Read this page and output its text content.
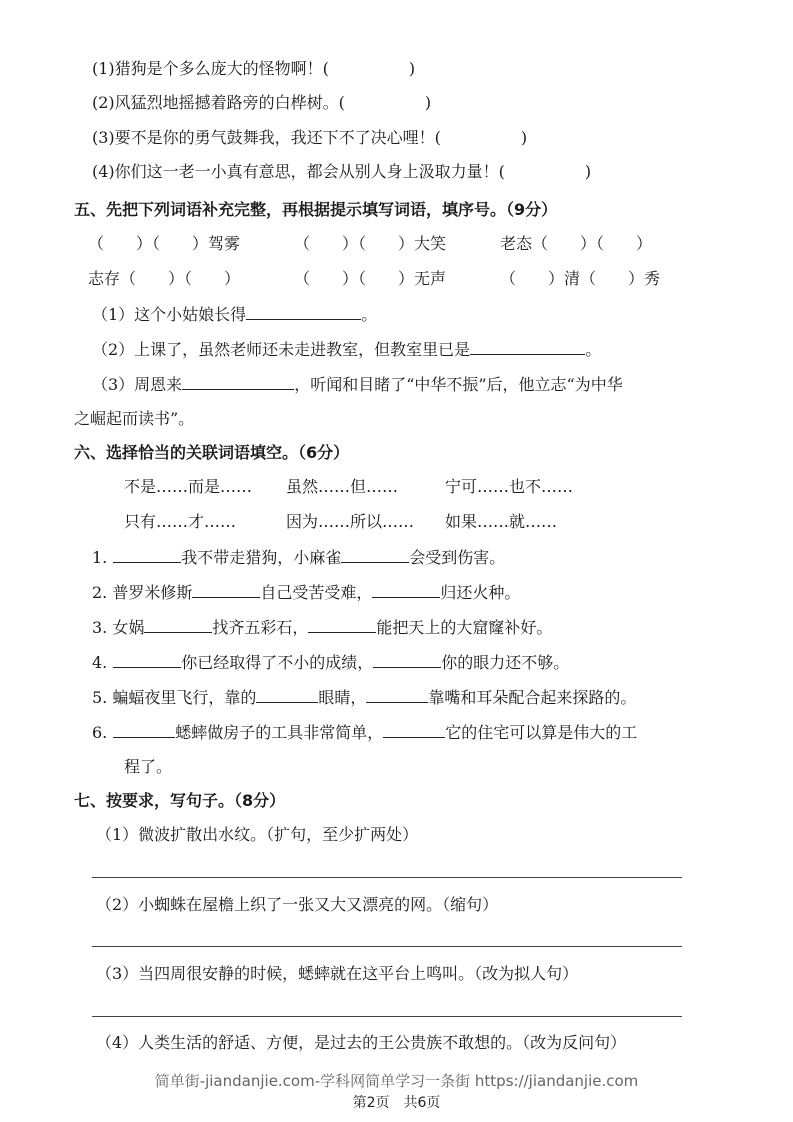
(1)猎狗是个多么庞大的怪物啊！(　　　　　)
(2)风猛烈地摇撼着路旁的白桦树。(　　　　　)
(3)要不是你的勇气鼓舞我，我还下不了决心哩！(　　　　　)
(4)你们这一老一小真有意思，都会从别人身上汲取力量！(　　　　　)
五、先把下列词语补充完整，再根据提示填写词语，填序号。（9分）
（　　）（　　）驾雾	（　　）（　　）大笑	老态（　　）（　　）
志存（　　）（　　）	（　　）（　　）无声	（　　）清（　　）秀
（1）这个小姑娘长得	。
（2）上课了，虽然老师还未走进教室，但教室里已是	。
（3）周恩来	，听闻和目睹了“中华不振”后，他立志“为中华
之崛起而读书”。
六、选择恰当的关联词语填空。（6分）
不是……而是…… 虽然……但……	宁可……也不……
只有……才……	因为……所以…… 如果……就……
1.	我不带走猎狗，小麻雀	会受到伤害。
2. 普罗米修斯	自己受苦受难，	归还火种。
3. 女娲	找齐五彩石，	能把天上的大窟窿补好。
4.	你已经取得了不小的成绩，	你的眼力还不够。
5. 蝙蝠夜里飞行，靠的	眼睛，	靠嘴和耳朵配合起来探路的。
6.	蟋蟀做房子的工具非常简单，	它的住宅可以算是伟大的工
程了。
七、按要求，写句子。（8分）
（1）微波扩散出水纹。（扩句，至少扩两处）
（2）小蜘蛛在屋檐上织了一张又大又漂亮的网。（缩句）
（3）当四周很安静的时候，蟋蟀就在这平台上鸣叫。（改为拟人句）
（4）人类生活的舒适、方便，是过去的王公贵族不敢想的。（改为反问句）
简单街-jiandanjie.com-学科网简单学习一条街 https://jiandanjie.com
第2页　共6页
